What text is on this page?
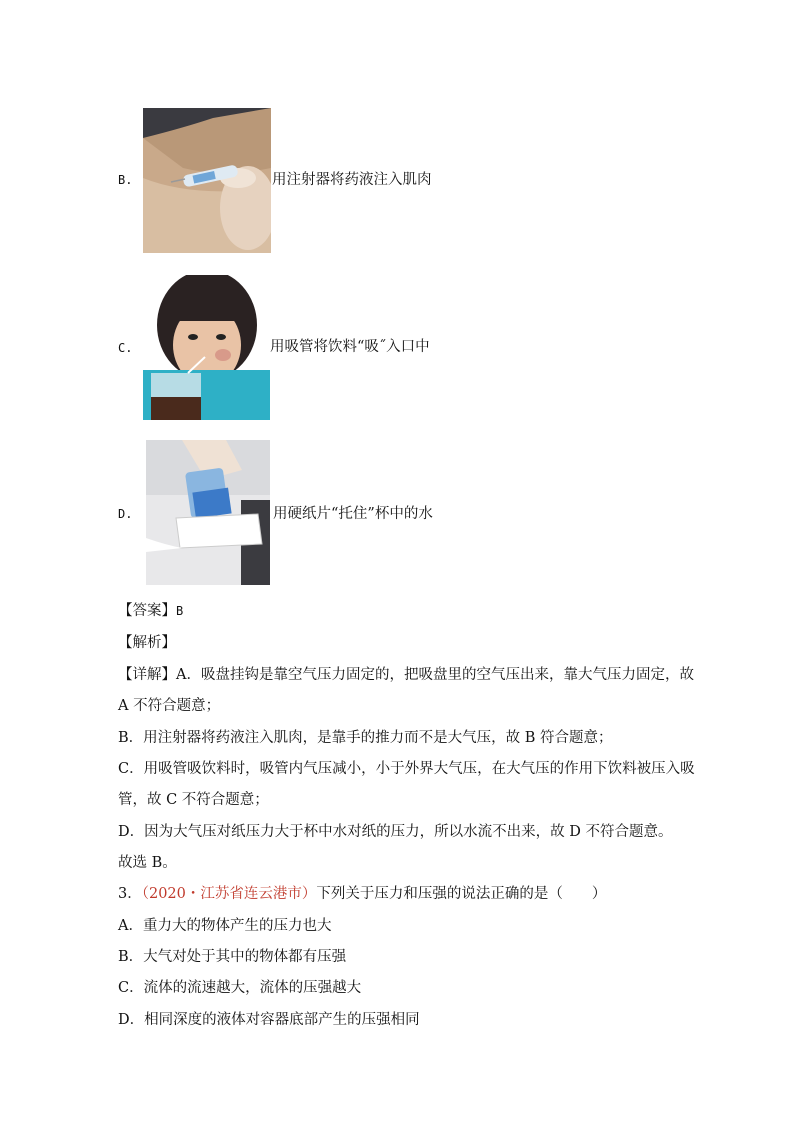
B.	用注射器将药液注入肌肉
C.	用吸管将饮料“吸˝入口中
D.	用硬纸片“托住”杯中的水
【答案】B
【解析】
【详解】A．吸盘挂钩是靠空气压力固定的，把吸盘里的空气压出来，靠大气压力固定，故
A 不符合题意；
B．用注射器将药液注入肌肉，是靠手的推力而不是大气压，故 B 符合题意；
C．用吸管吸饮料时，吸管内气压减小，小于外界大气压，在大气压的作用下饮料被压入吸
管，故 C 不符合题意；
D．因为大气压对纸压力大于杯中水对纸的压力，所以水流不出来，故 D 不符合题意。
故选 B。
3．（2020・江苏省连云港市）下列关于压力和压强的说法正确的是（　　）
A．重力大的物体产生的压力也大
B．大气对处于其中的物体都有压强
C．流体的流速越大，流体的压强越大
D．相同深度的液体对容器底部产生的压强相同
